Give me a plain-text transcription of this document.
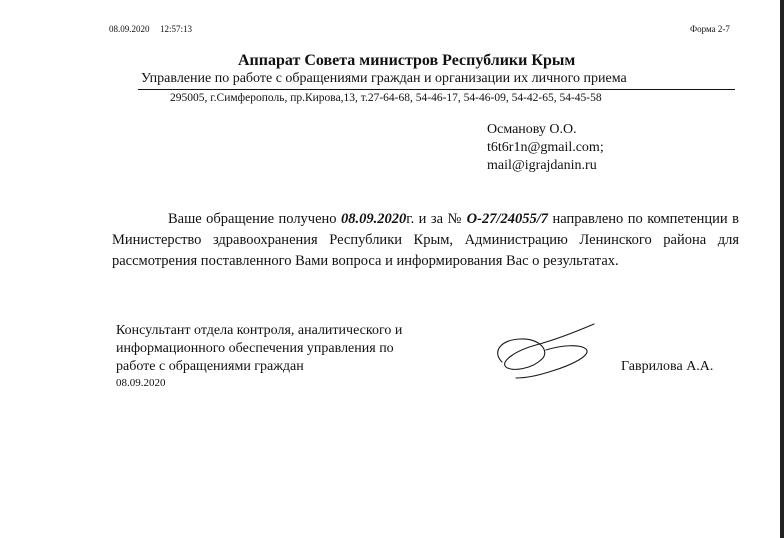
08.09.2020 12:57:13	Форма 2-7
Аппарат Совета министров Республики Крым
Управление по работе с обращениями граждан и организации их личного приема
295005, г.Симферополь, пр.Кирова,13, т.27-64-68, 54-46-17, 54-46-09, 54-42-65, 54-45-58
Османову О.О.
t6t6r1n@gmail.com;
mail@igrajdanin.ru
Ваше обращение получено 08.09.2020г. и за № О-27/24055/7 направлено по компетенции в Министерство здравоохранения Республики Крым, Администрацию Ленинского района для рассмотрения поставленного Вами вопроса и информирования Вас о результатах.
Консультант отдела контроля, аналитического и
информационного обеспечения управления по
работе с обращениями граждан
08.09.2020
Гаврилова А.А.
